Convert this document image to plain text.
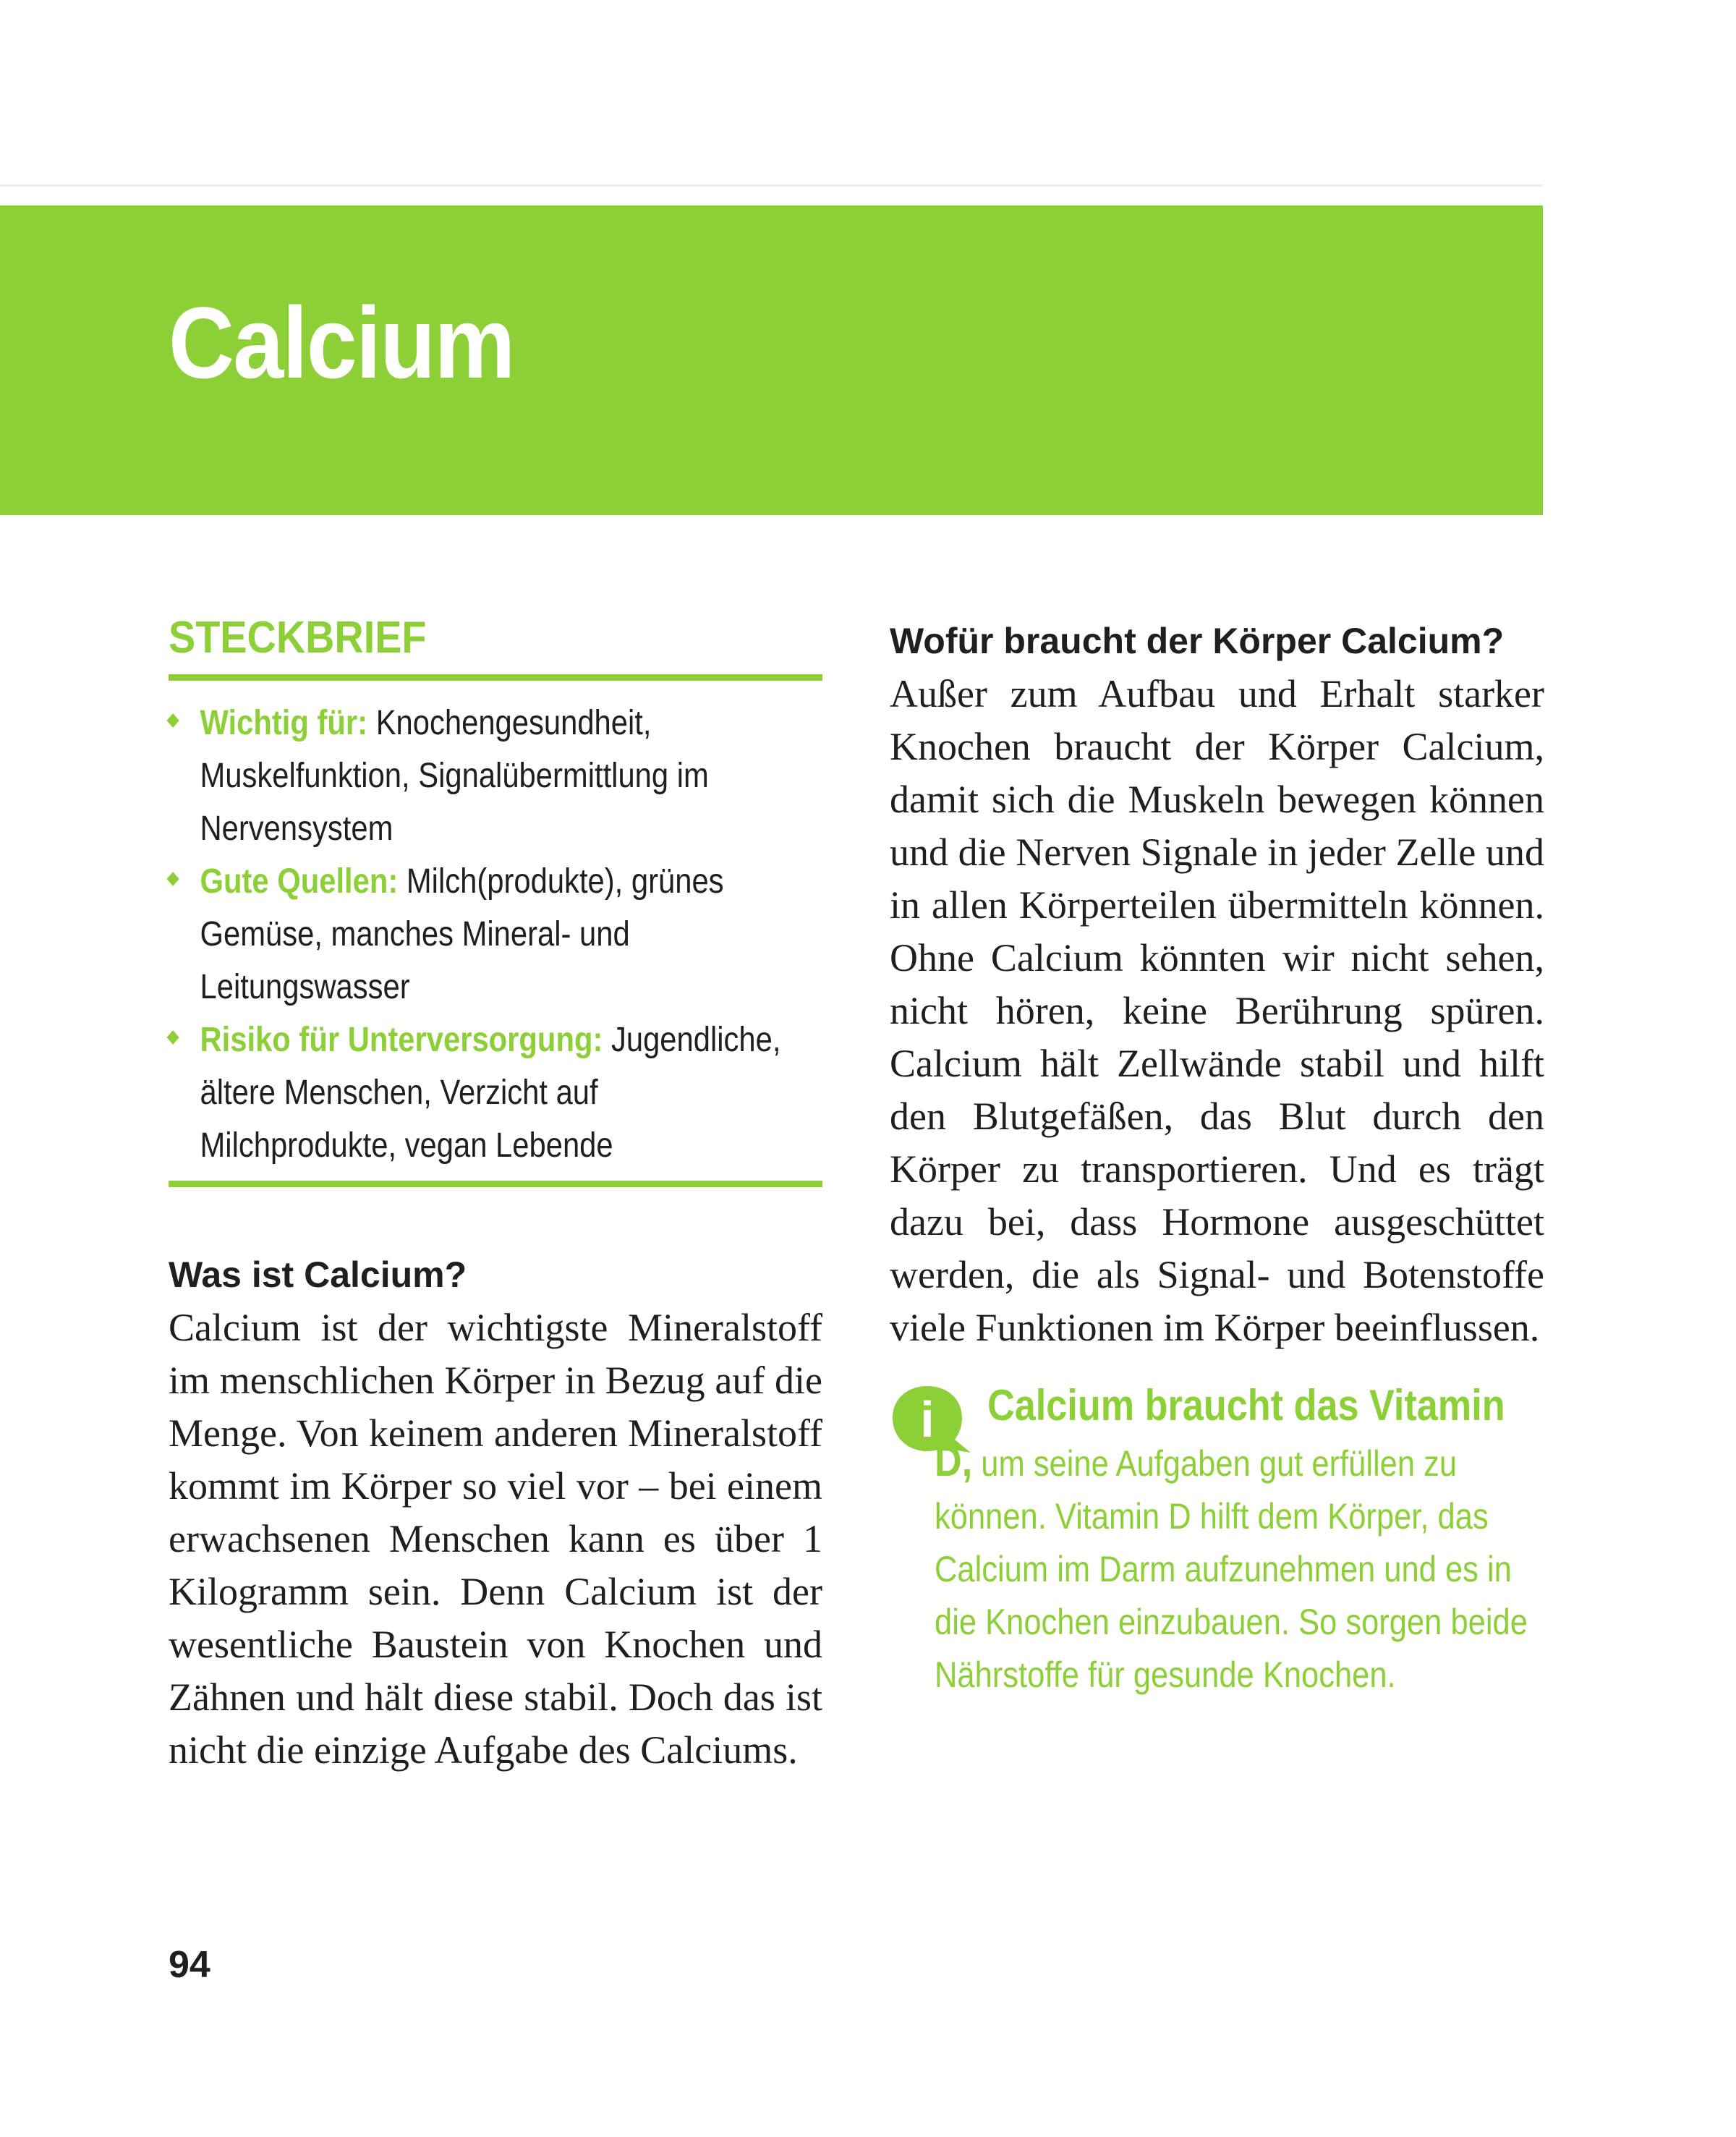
Calcium
STECKBRIEF
Wichtig für: Knochengesundheit, Muskelfunktion, Signalübermittlung im Nervensystem
Gute Quellen: Milch(produkte), grünes Gemüse, manches Mineral- und Leitungswasser
Risiko für Unterversorgung: Jugendliche, ältere Menschen, Verzicht auf Milchprodukte, vegan Lebende
Was ist Calcium?

Calcium ist der wichtigste Mineralstoff im menschlichen Körper in Bezug auf die Menge. Von keinem anderen Mineralstoff kommt im Körper so viel vor – bei einem erwachsenen Menschen kann es über 1 Kilogramm sein. Denn Calcium ist der wesentliche Baustein von Knochen und Zähnen und hält diese stabil. Doch das ist nicht die einzige Aufgabe des Calciums.

Wofür braucht der Körper Calcium?

Außer zum Aufbau und Erhalt starker Knochen braucht der Körper Calcium, damit sich die Muskeln bewegen können und die Nerven Signale in jeder Zelle und in allen Körperteilen übermitteln können. Ohne Calcium könnten wir nicht sehen, nicht hören, keine Berührung spüren. Calcium hält Zellwände stabil und hilft den Blutgefäßen, das Blut durch den Körper zu transportieren. Und es trägt dazu bei, dass Hormone ausgeschüttet werden, die als Signal- und Botenstoffe viele Funktionen im Körper beeinflussen.

i	Calcium braucht das Vitamin D, um seine Aufgaben gut erfüllen zu können. Vitamin D hilft dem Körper, das Calcium im Darm aufzunehmen und es in die Knochen einzubauen. So sorgen beide Nährstoffe für gesunde Knochen.

94
